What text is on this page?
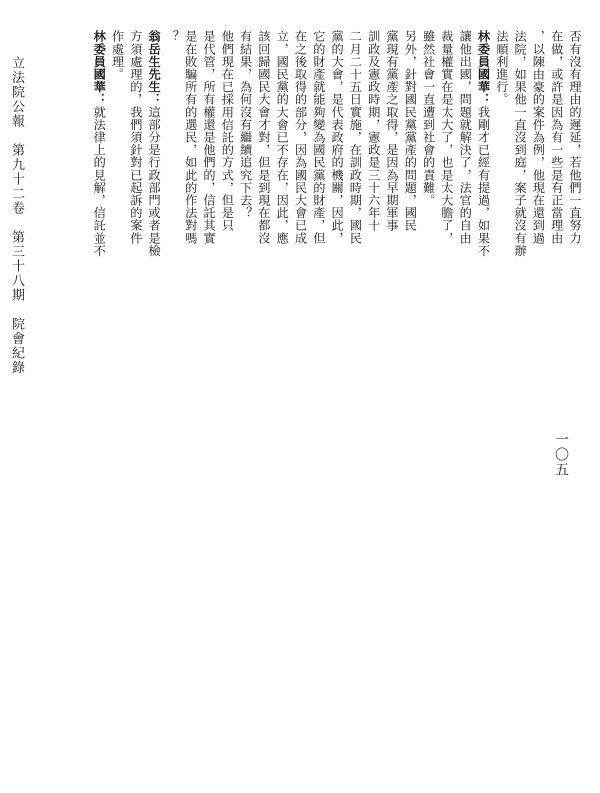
立法院公報　第九十二卷　第三十八期　院會紀錄
一〇五
否有沒有理由的遲延，若他們一直努力
在做，或許是因為有一些是有正當理由
，以陳由豪的案件為例，他現在還到過
法院，如果他一直沒到庭，案子就沒有辦
法順利進行。
林委員國華：我剛才已經有提過，如果不
讓他出國，問題就解決了，法官的自由
裁量權實在是太大了，也是太大膽了，
雖然社會一直遭到社會的責難。
另外，針對國民黨黨產的問題，國民
黨現有黨產之取得，是因為早期軍事
訓政及憲政時期，憲政是三十六年十
二月二十五日實施，在訓政時期，國民
黨的大會，是代表政府的機關，因此，
它的財產就能夠變為國民黨的財產，但
在之後取得的部分，因為國民大會已成
立，國民黨的大會已不存在，因此，應
該回歸國民大會才對，但是到現在都沒
有結果，為何沒有繼續追究下去？
他們現在已採用信託的方式，但是只
是代管，所有權還是他們的，信託其實
是在敗騙所有的選民，如此的作法對嗎
？
翁岳生先生：這部分是行政部門或者是檢
方須處理的，我們須針對已起訴的案件
作處理。
林委員國華：就法律上的見解，信託並不
